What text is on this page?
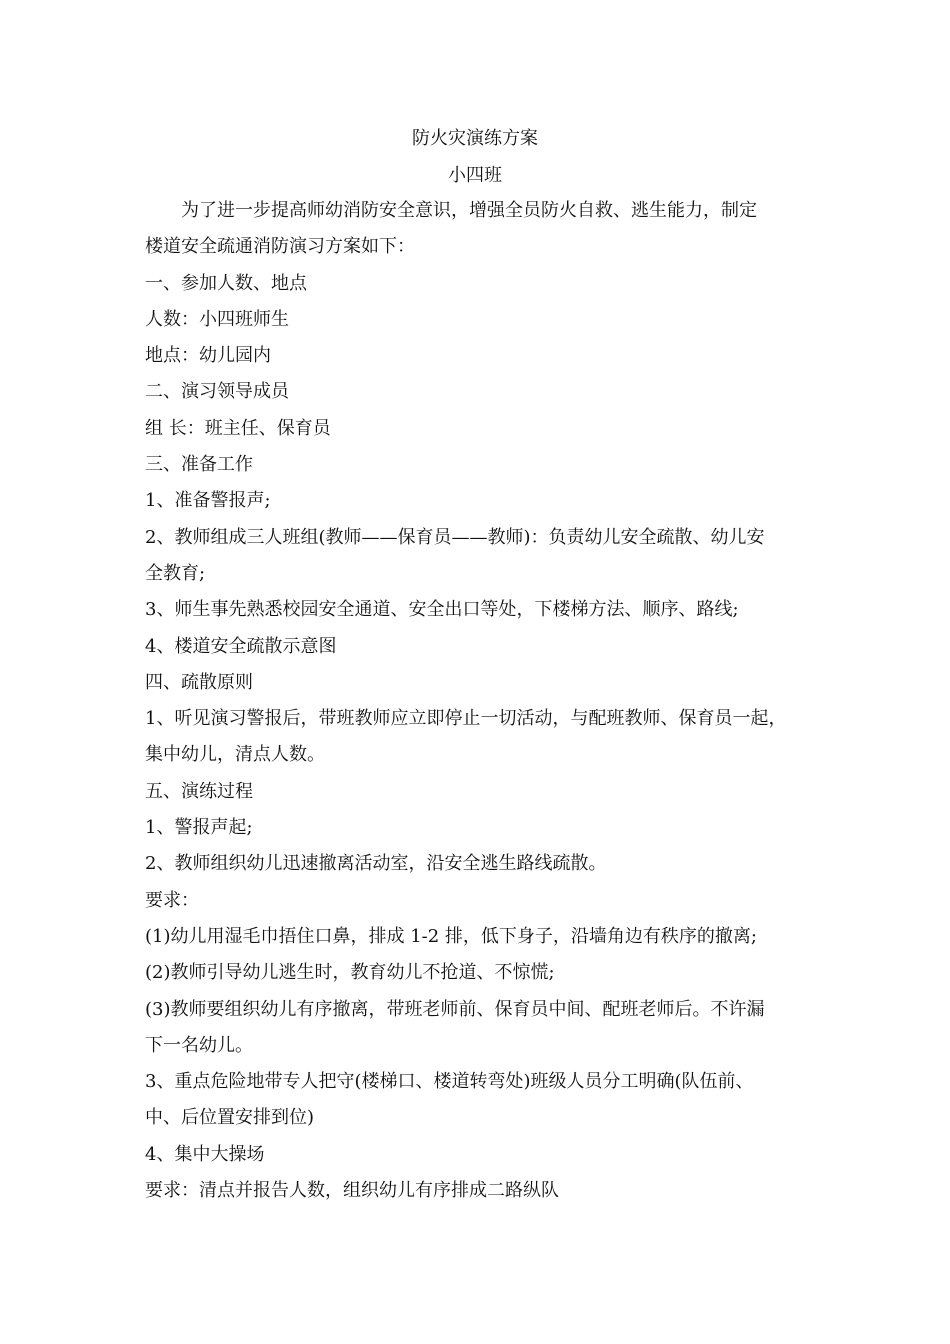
防火灾演练方案
小四班
为了进一步提高师幼消防安全意识，增强全员防火自救、逃生能力，制定
楼道安全疏通消防演习方案如下：
一、参加人数、地点
人数：小四班师生
地点：幼儿园内
二、演习领导成员
组 长：班主任、保育员
三、准备工作
1、准备警报声;
2、教师组成三人班组(教师——保育员——教师)：负责幼儿安全疏散、幼儿安
全教育;
3、师生事先熟悉校园安全通道、安全出口等处，下楼梯方法、顺序、路线;
4、楼道安全疏散示意图
四、疏散原则
1、听见演习警报后，带班教师应立即停止一切活动，与配班教师、保育员一起，
集中幼儿，清点人数。
五、演练过程
1、警报声起;
2、教师组织幼儿迅速撤离活动室，沿安全逃生路线疏散。
要求：
(1)幼儿用湿毛巾捂住口鼻，排成 1-2 排，低下身子，沿墙角边有秩序的撤离;
(2)教师引导幼儿逃生时，教育幼儿不抢道、不惊慌;
(3)教师要组织幼儿有序撤离，带班老师前、保育员中间、配班老师后。不许漏
下一名幼儿。
3、重点危险地带专人把守(楼梯口、楼道转弯处)班级人员分工明确(队伍前、
中、后位置安排到位)
4、集中大操场
要求：清点并报告人数，组织幼儿有序排成二路纵队
